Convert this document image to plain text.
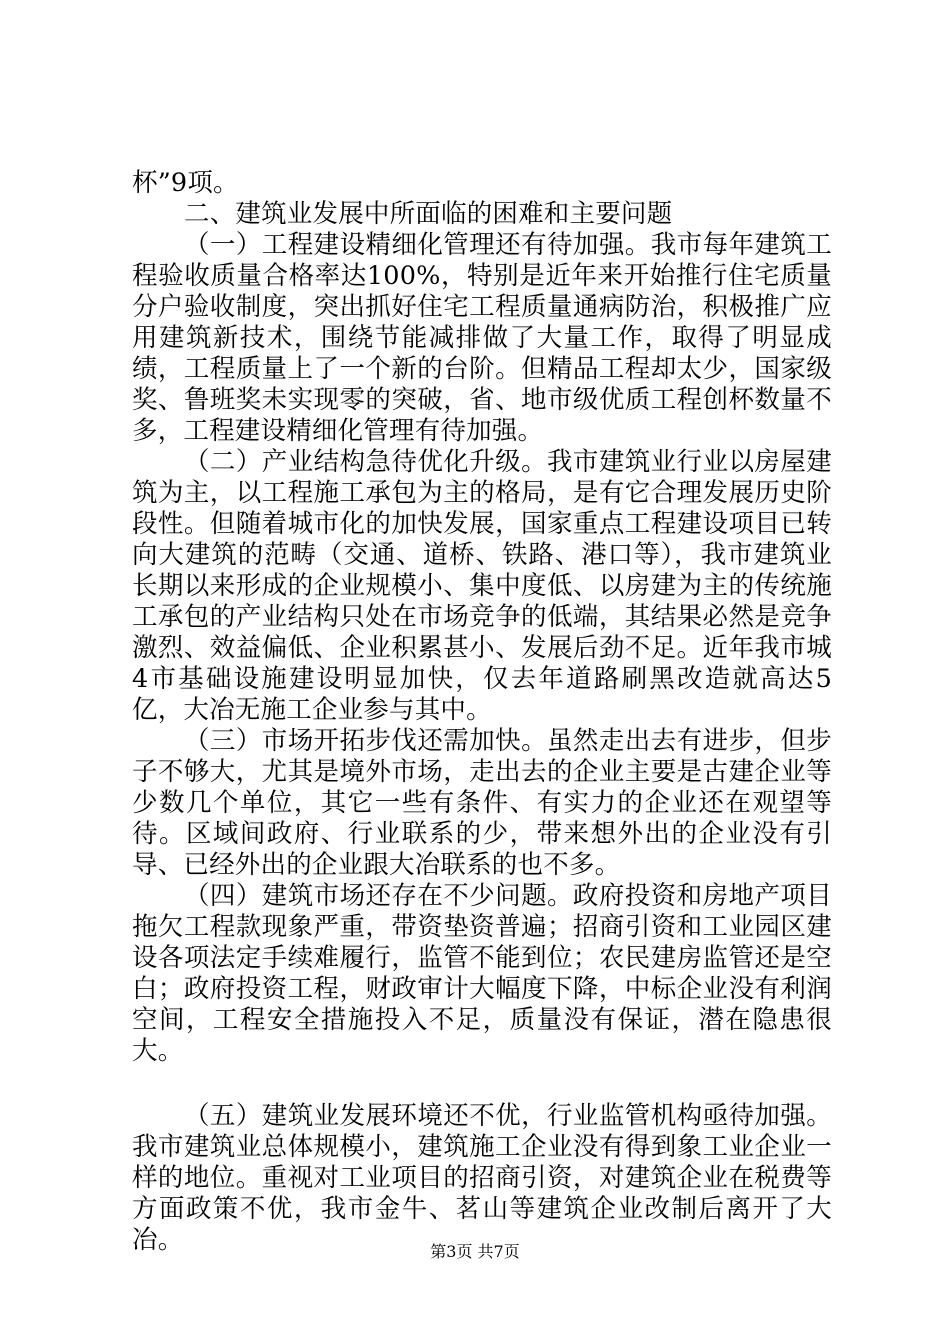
杯”9项。

二、建筑业发展中所面临的困难和主要问题

（一）工程建设精细化管理还有待加强。我市每年建筑工程验收质量合格率达100%，特别是近年来开始推行住宅质量分户验收制度，突出抓好住宅工程质量通病防治，积极推广应用建筑新技术，围绕节能减排做了大量工作，取得了明显成绩，工程质量上了一个新的台阶。但精品工程却太少，国家级奖、鲁班奖未实现零的突破，省、地市级优质工程创杯数量不多，工程建设精细化管理有待加强。

（二）产业结构急待优化升级。我市建筑业行业以房屋建筑为主，以工程施工承包为主的格局，是有它合理发展历史阶段性。但随着城市化的加快发展，国家重点工程建设项目已转向大建筑的范畴（交通、道桥、铁路、港口等），我市建筑业长期以来形成的企业规模小、集中度低、以房建为主的传统施工承包的产业结构只处在市场竞争的低端，其结果必然是竞争激烈、效益偏低、企业积累甚小、发展后劲不足。近年我市城4市基础设施建设明显加快，仅去年道路刷黑改造就高达5亿，大冶无施工企业参与其中。

（三）市场开拓步伐还需加快。虽然走出去有进步，但步子不够大，尤其是境外市场，走出去的企业主要是古建企业等少数几个单位，其它一些有条件、有实力的企业还在观望等待。区域间政府、行业联系的少，带来想外出的企业没有引导、已经外出的企业跟大冶联系的也不多。

（四）建筑市场还存在不少问题。政府投资和房地产项目拖欠工程款现象严重，带资垫资普遍；招商引资和工业园区建设各项法定手续难履行，监管不能到位；农民建房监管还是空白；政府投资工程，财政审计大幅度下降，中标企业没有利润空间，工程安全措施投入不足，质量没有保证，潜在隐患很大。

（五）建筑业发展环境还不优，行业监管机构亟待加强。我市建筑业总体规模小，建筑施工企业没有得到象工业企业一样的地位。重视对工业项目的招商引资，对建筑企业在税费等方面政策不优，我市金牛、茗山等建筑企业改制后离开了大冶。	第3页 共7页
